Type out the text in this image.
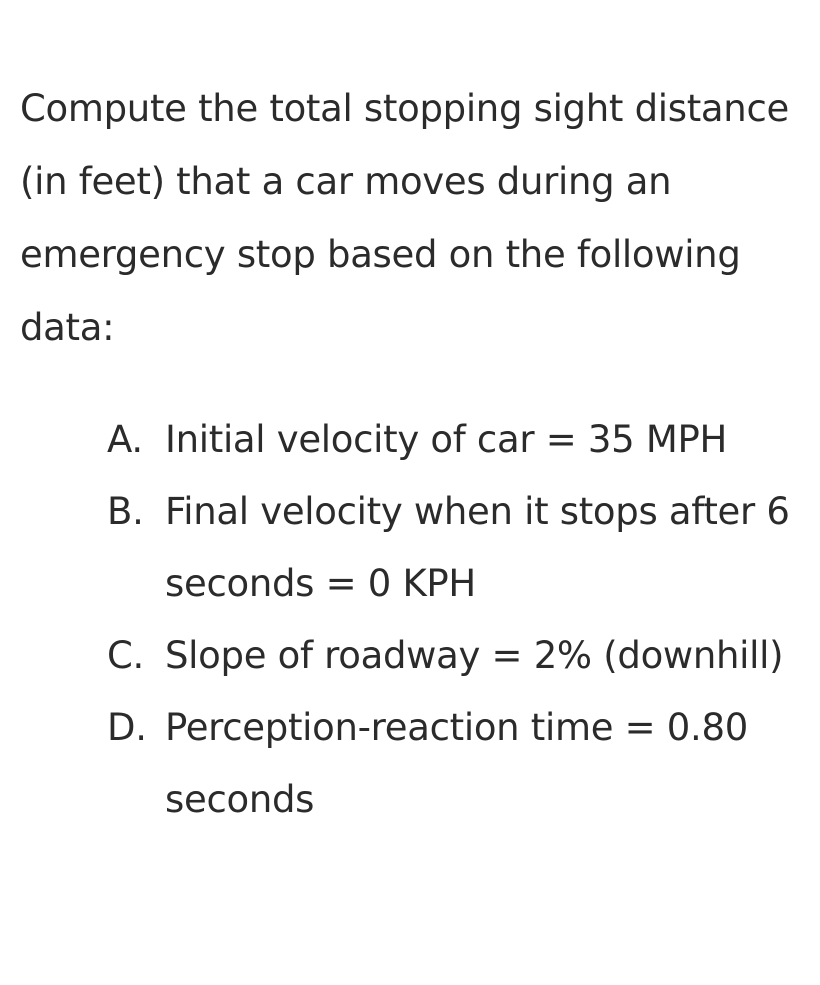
Compute the total stopping sight distance (in feet) that a car moves during an emergency stop based on the following data:

A. Initial velocity of car = 35 MPH
B. Final velocity when it stops after 6 seconds = 0 KPH
C. Slope of roadway = 2% (downhill)
D. Perception-reaction time = 0.80 seconds
